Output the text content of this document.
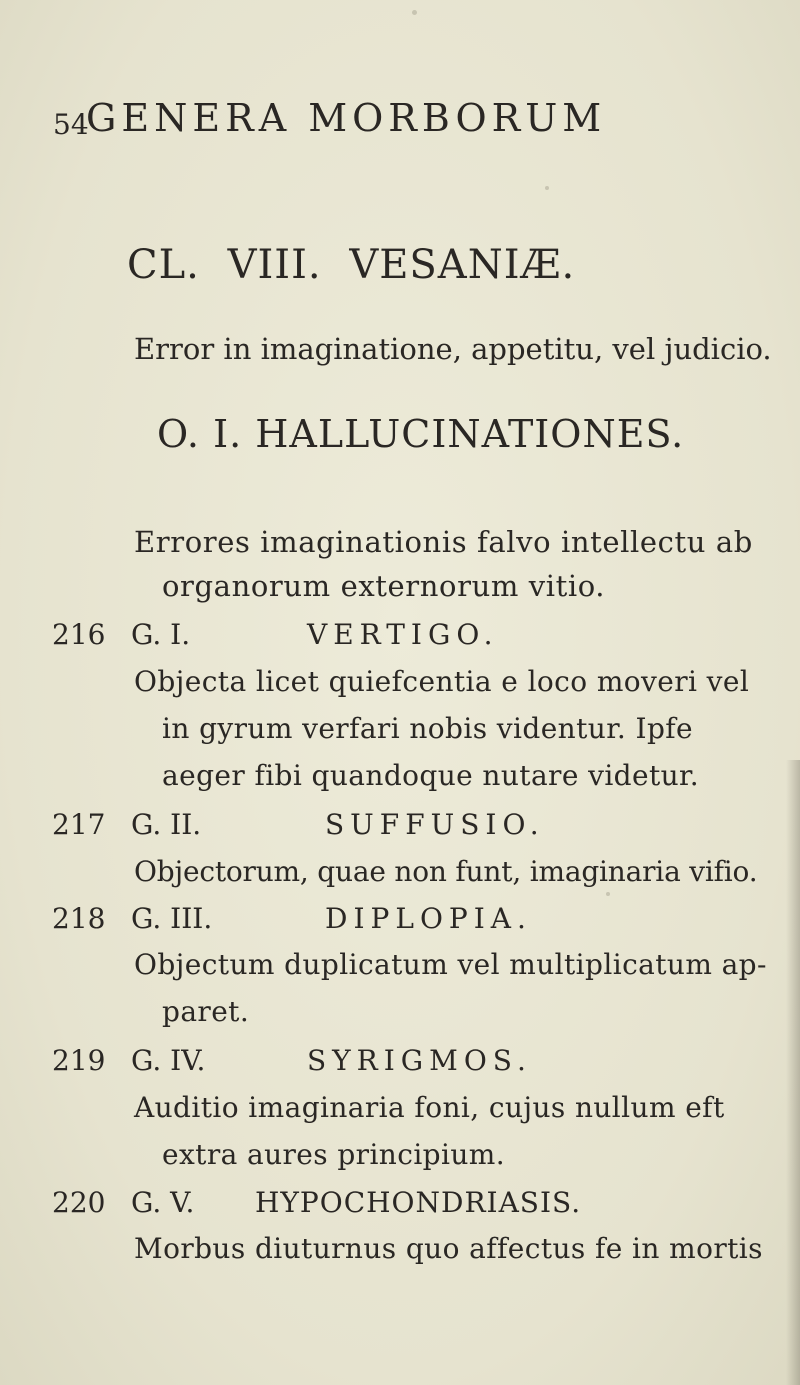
54
GENERA MORBORUM
CL. VIII. VESANIÆ.
Error in imaginatione, appetitu, vel judicio.
O. I. HALLUCINATIONES.
Errores imaginationis falvo intellectu ab
organorum externorum vitio.
216 G. I.	VERTIGO.
Objecta licet quiefcentia e loco moveri vel
in gyrum verfari nobis videntur. Ipfe
aeger fibi quandoque nutare videtur.
217 G. II.	SUFFUSIO.
Objectorum, quae non funt, imaginaria vifio.
218 G. III.	DIPLOPIA.
Objectum duplicatum vel multiplicatum ap-
paret.
219 G. IV.	SYRIGMOS.
Auditio imaginaria foni, cujus nullum eft
extra aures principium.
220 G. V. HYPOCHONDRIASIS.
Morbus diuturnus quo affectus fe in mortis
